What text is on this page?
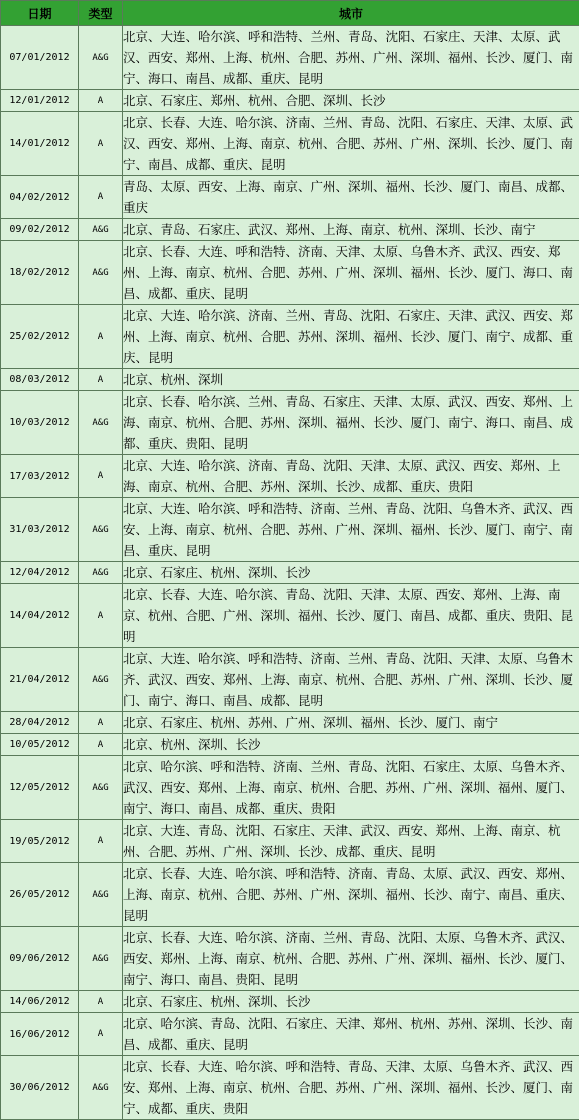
日期	类型	城市
07/01/2012	A&G	北京、大连、哈尔滨、呼和浩特、兰州、青岛、沈阳、石家庄、天津、太原、武汉、西安、郑州、上海、杭州、合肥、苏州、广州、深圳、福州、长沙、厦门、南宁、海口、南昌、成都、重庆、昆明
12/01/2012	A	北京、石家庄、郑州、杭州、合肥、深圳、长沙
14/01/2012	A	北京、长春、大连、哈尔滨、济南、兰州、青岛、沈阳、石家庄、天津、太原、武汉、西安、郑州、上海、南京、杭州、合肥、苏州、广州、深圳、长沙、厦门、南宁、南昌、成都、重庆、昆明
04/02/2012	A	青岛、太原、西安、上海、南京、广州、深圳、福州、长沙、厦门、南昌、成都、重庆
09/02/2012	A&G	北京、青岛、石家庄、武汉、郑州、上海、南京、杭州、深圳、长沙、南宁
18/02/2012	A&G	北京、长春、大连、呼和浩特、济南、天津、太原、乌鲁木齐、武汉、西安、郑州、上海、南京、杭州、合肥、苏州、广州、深圳、福州、长沙、厦门、海口、南昌、成都、重庆、昆明
25/02/2012	A	北京、大连、哈尔滨、济南、兰州、青岛、沈阳、石家庄、天津、武汉、西安、郑州、上海、南京、杭州、合肥、苏州、深圳、福州、长沙、厦门、南宁、成都、重庆、昆明
08/03/2012	A	北京、杭州、深圳
10/03/2012	A&G	北京、长春、哈尔滨、兰州、青岛、石家庄、天津、太原、武汉、西安、郑州、上海、南京、杭州、合肥、苏州、深圳、福州、长沙、厦门、南宁、海口、南昌、成都、重庆、贵阳、昆明
17/03/2012	A	北京、大连、哈尔滨、济南、青岛、沈阳、天津、太原、武汉、西安、郑州、上海、南京、杭州、合肥、苏州、深圳、长沙、成都、重庆、贵阳
31/03/2012	A&G	北京、大连、哈尔滨、呼和浩特、济南、兰州、青岛、沈阳、乌鲁木齐、武汉、西安、上海、南京、杭州、合肥、苏州、广州、深圳、福州、长沙、厦门、南宁、南昌、重庆、昆明
12/04/2012	A&G	北京、石家庄、杭州、深圳、长沙
14/04/2012	A	北京、长春、大连、哈尔滨、青岛、沈阳、天津、太原、西安、郑州、上海、南京、杭州、合肥、广州、深圳、福州、长沙、厦门、南昌、成都、重庆、贵阳、昆明
21/04/2012	A&G	北京、大连、哈尔滨、呼和浩特、济南、兰州、青岛、沈阳、天津、太原、乌鲁木齐、武汉、西安、郑州、上海、南京、杭州、合肥、苏州、广州、深圳、长沙、厦门、南宁、海口、南昌、成都、昆明
28/04/2012	A	北京、石家庄、杭州、苏州、广州、深圳、福州、长沙、厦门、南宁
10/05/2012	A	北京、杭州、深圳、长沙
12/05/2012	A&G	北京、哈尔滨、呼和浩特、济南、兰州、青岛、沈阳、石家庄、太原、乌鲁木齐、武汉、西安、郑州、上海、南京、杭州、合肥、苏州、广州、深圳、福州、厦门、南宁、海口、南昌、成都、重庆、贵阳
19/05/2012	A	北京、大连、青岛、沈阳、石家庄、天津、武汉、西安、郑州、上海、南京、杭州、合肥、苏州、广州、深圳、长沙、成都、重庆、昆明
26/05/2012	A&G	北京、长春、大连、哈尔滨、呼和浩特、济南、青岛、太原、武汉、西安、郑州、上海、南京、杭州、合肥、苏州、广州、深圳、福州、长沙、南宁、南昌、重庆、昆明
09/06/2012	A&G	北京、长春、大连、哈尔滨、济南、兰州、青岛、沈阳、太原、乌鲁木齐、武汉、西安、郑州、上海、南京、杭州、合肥、苏州、广州、深圳、福州、长沙、厦门、南宁、海口、南昌、贵阳、昆明
14/06/2012	A	北京、石家庄、杭州、深圳、长沙
16/06/2012	A	北京、哈尔滨、青岛、沈阳、石家庄、天津、郑州、杭州、苏州、深圳、长沙、南昌、成都、重庆、昆明
30/06/2012	A&G	北京、长春、大连、哈尔滨、呼和浩特、青岛、天津、太原、乌鲁木齐、武汉、西安、郑州、上海、南京、杭州、合肥、苏州、广州、深圳、福州、长沙、厦门、南宁、成都、重庆、贵阳
